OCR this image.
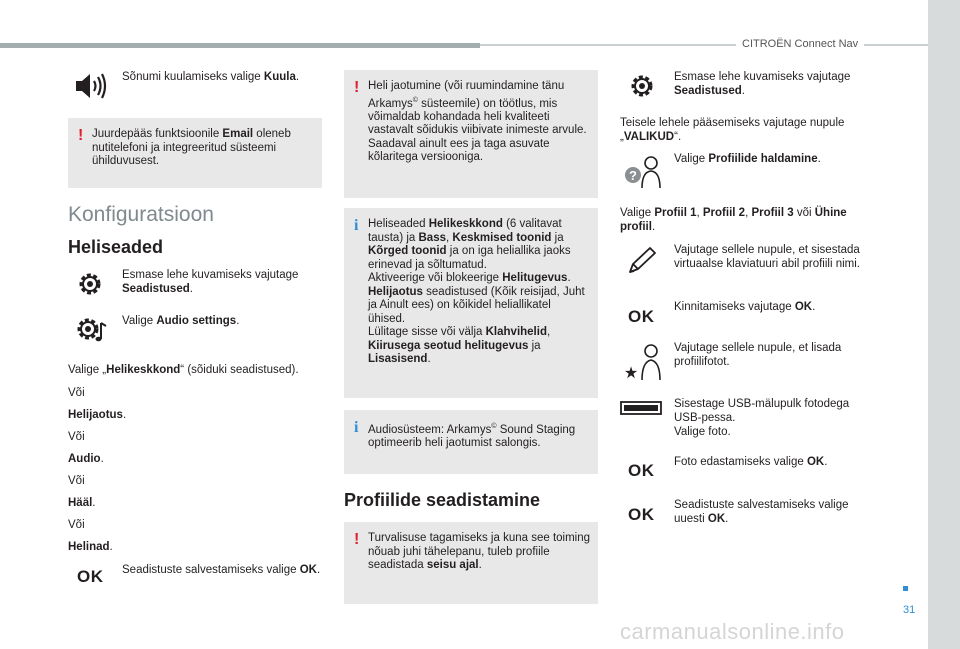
CITROËN Connect Nav
31
carmanualsonline.info
Sõnumi kuulamiseks valige Kuula.
! Juurdepääs funktsioonile Email oleneb nutitelefoni ja integreeritud süsteemi ühilduvusest.
Konfiguratsioon
Heliseaded
Esmase lehe kuvamiseks vajutage Seadistused.
Valige Audio settings.
Valige „Helikeskkond“ (sõiduki seadistused).
Või
Helijaotus.
Või
Audio.
Või
Hääl.
Või
Helinad.
OK Seadistuste salvestamiseks valige OK.
! Heli jaotumine (või ruumindamine tänu Arkamys© süsteemile) on töötlus, mis võimaldab kohandada heli kvaliteeti vastavalt sõidukis viibivate inimeste arvule.
Saadaval ainult ees ja taga asuvate kõlaritega versiooniga.
i Heliseaded Helikeskkond (6 valitavat tausta) ja Bass, Keskmised toonid ja Kõrged toonid ja on iga heliallika jaoks erinevad ja sõltumatud.
Aktiveerige või blokeerige Helitugevus.
Helijaotus seadistused (Kõik reisijad, Juht ja Ainult ees) on kõikidel heliallikatel ühised.
Lülitage sisse või välja Klahvihelid, Kiirusega seotud helitugevus ja Lisasisend.
i Audiosüsteem: Arkamys© Sound Staging optimeerib heli jaotumist salongis.
Profiilide seadistamine
! Turvalisuse tagamiseks ja kuna see toiming nõuab juhi tähelepanu, tuleb profiile seadistada seisu ajal.
Esmase lehe kuvamiseks vajutage Seadistused.
Teisele lehele pääsemiseks vajutage nupule „VALIKUD“.
?
Valige Profiilide haldamine.
Valige Profiil 1, Profiil 2, Profiil 3 või Ühine profiil.
Vajutage sellele nupule, et sisestada virtuaalse klaviatuuri abil profiili nimi.
OK Kinnitamiseks vajutage OK.
★
Vajutage sellele nupule, et lisada profiilifotot.
Sisestage USB-mälupulk fotodega USB-pessa.
Valige foto.
OK Foto edastamiseks valige OK.
OK Seadistuste salvestamiseks valige uuesti OK.
